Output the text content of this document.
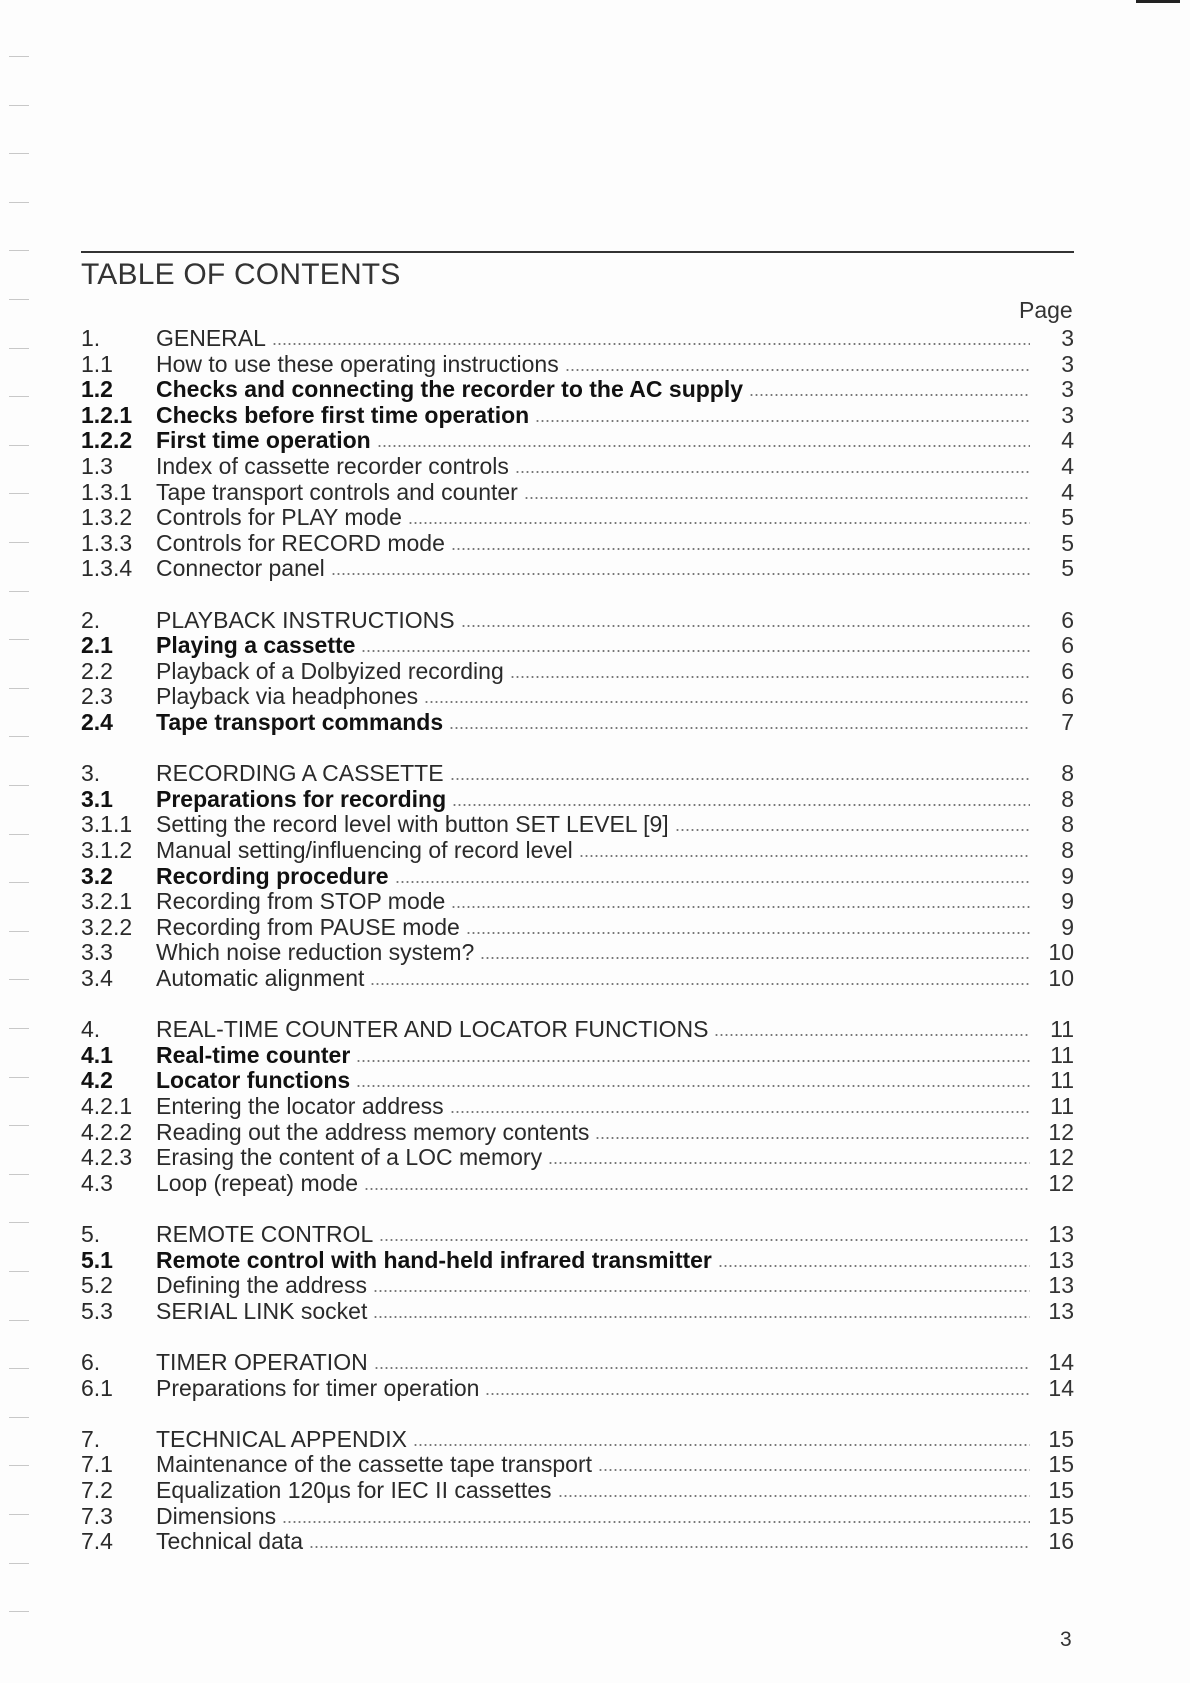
TABLE OF CONTENTS
Page
1.	GENERAL	3
1.1	How to use these operating instructions	3
1.2	Checks and connecting the recorder to the AC supply	3
1.2.1	Checks before first time operation	3
1.2.2	First time operation	4
1.3	Index of cassette recorder controls	4
1.3.1	Tape transport controls and counter	4
1.3.2	Controls for PLAY mode	5
1.3.3	Controls for RECORD mode	5
1.3.4	Connector panel	5
2.	PLAYBACK INSTRUCTIONS	6
2.1	Playing a cassette	6
2.2	Playback of a Dolbyized recording	6
2.3	Playback via headphones	6
2.4	Tape transport commands	7
3.	RECORDING A CASSETTE	8
3.1	Preparations for recording	8
3.1.1	Setting the record level with button SET LEVEL [9]	8
3.1.2	Manual setting/influencing of record level	8
3.2	Recording procedure	9
3.2.1	Recording from STOP mode	9
3.2.2	Recording from PAUSE mode	9
3.3	Which noise reduction system?	10
3.4	Automatic alignment	10
4.	REAL-TIME COUNTER AND LOCATOR FUNCTIONS	11
4.1	Real-time counter	11
4.2	Locator functions	11
4.2.1	Entering the locator address	11
4.2.2	Reading out the address memory contents	12
4.2.3	Erasing the content of a LOC memory	12
4.3	Loop (repeat) mode	12
5.	REMOTE CONTROL	13
5.1	Remote control with hand-held infrared transmitter	13
5.2	Defining the address	13
5.3	SERIAL LINK socket	13
6.	TIMER OPERATION	14
6.1	Preparations for timer operation	14
7.	TECHNICAL APPENDIX	15
7.1	Maintenance of the cassette tape transport	15
7.2	Equalization 120µs for IEC II cassettes	15
7.3	Dimensions	15
7.4	Technical data	16
3
